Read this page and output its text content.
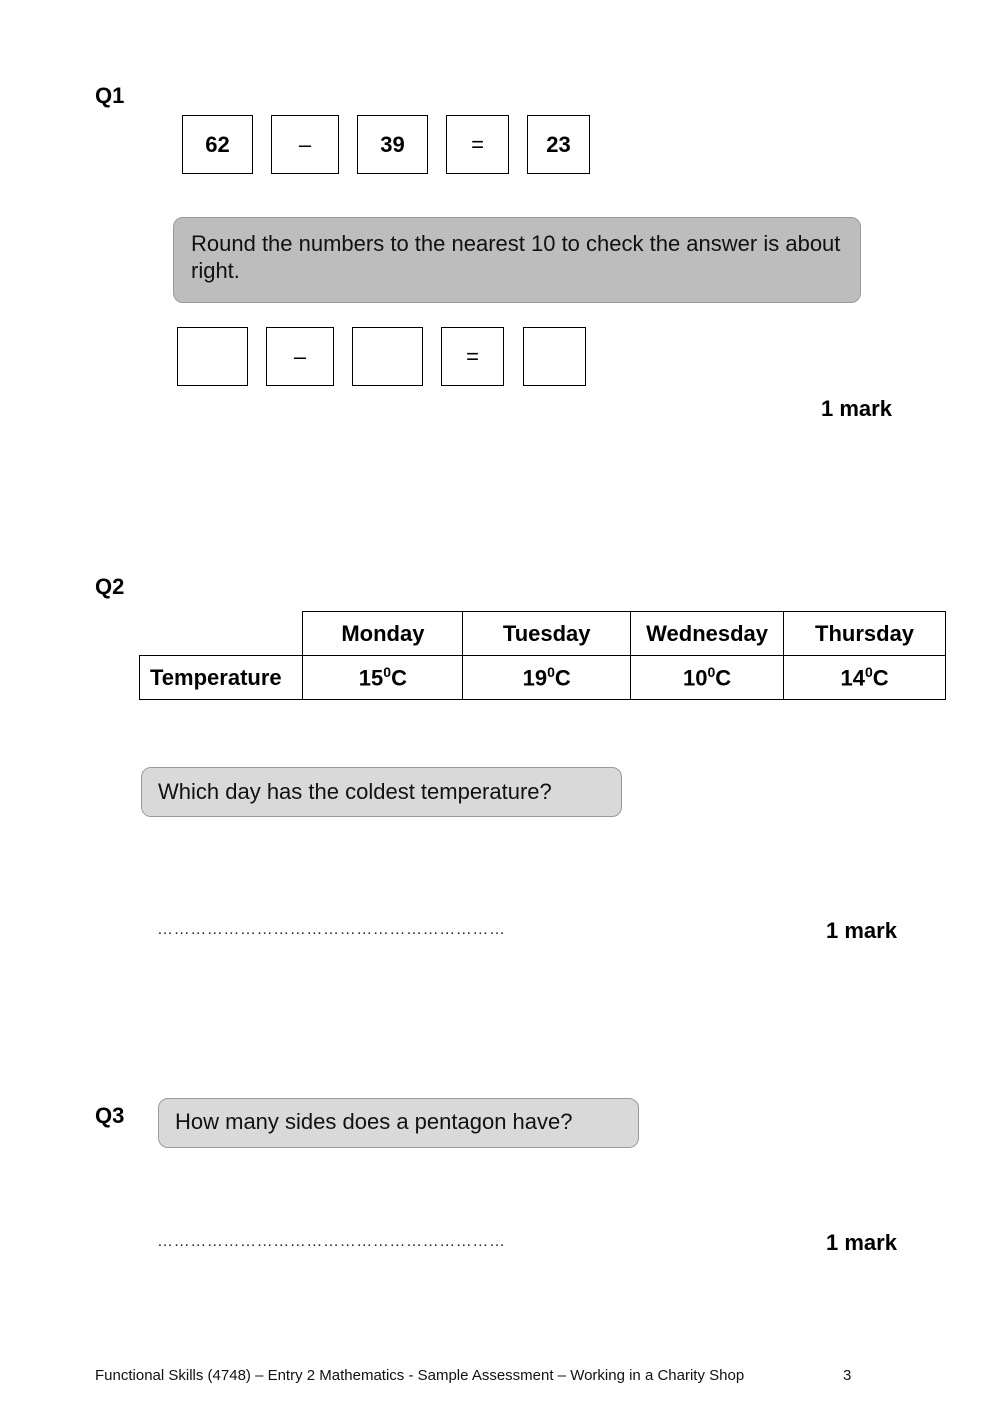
Q1
62	–	39	=	23
Round the numbers to the nearest 10 to check the answer is about right.
–	=
1 mark
Q2
	Monday	Tuesday	Wednesday	Thursday
Temperature	$15^0C$	$19^0C$	$10^0C$	$14^0C$
Which day has the coldest temperature?
………………………………………………………	1 mark
Q3	How many sides does a pentagon have?
………………………………………………………	1 mark
Functional Skills (4748) – Entry 2 Mathematics - Sample Assessment – Working in a Charity Shop	3
